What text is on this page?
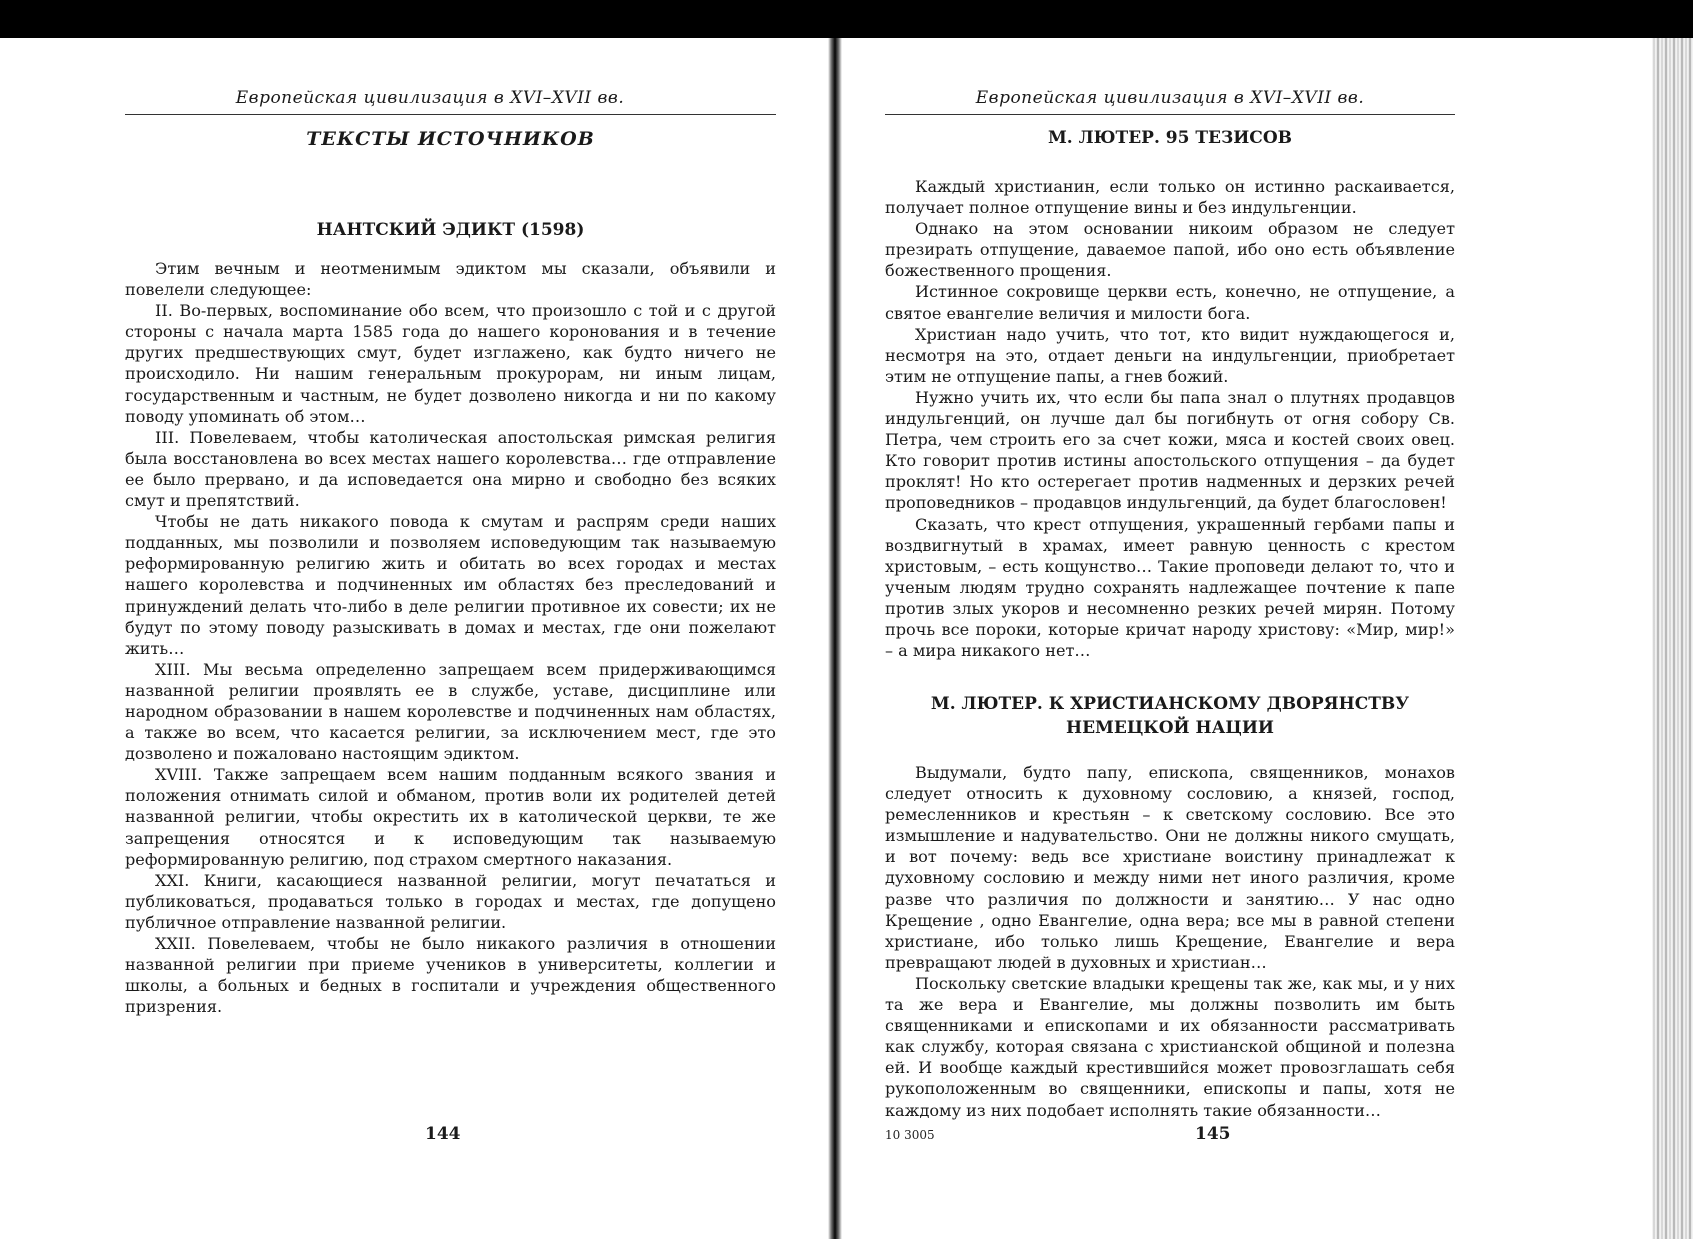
Европейская цивилизация в XVI–XVII вв.
ТЕКСТЫ ИСТОЧНИКОВ
НАНТСКИЙ ЭДИКТ (1598)

Этим вечным и неотменимым эдиктом мы сказали, объявили и повелели следующее:

II. Во-первых, воспоминание обо всем, что произошло с той и с другой стороны с начала марта 1585 года до нашего коронования и в течение других предшествующих смут, будет изглажено, как будто ничего не происходило. Ни нашим генеральным прокурорам, ни иным лицам, государственным и частным, не будет дозволено никогда и ни по какому поводу упоминать об этом…

III. Повелеваем, чтобы католическая апостольская римская религия была восстановлена во всех местах нашего королевства… где отправление ее было прервано, и да исповедается она мирно и свободно без всяких смут и препятствий.

Чтобы не дать никакого повода к смутам и распрям среди наших подданных, мы позволили и позволяем исповедующим так называемую реформированную религию жить и обитать во всех городах и местах нашего королевства и подчиненных им областях без преследований и принуждений делать что-либо в деле религии противное их совести; их не будут по этому поводу разыскивать в домах и местах, где они пожелают жить…

XIII. Мы весьма определенно запрещаем всем придерживающимся названной религии проявлять ее в службе, уставе, дисциплине или народном образовании в нашем королевстве и подчиненных нам областях, а также во всем, что касается религии, за исключением мест, где это дозволено и пожаловано настоящим эдиктом.

XVIII. Также запрещаем всем нашим подданным всякого звания и положения отнимать силой и обманом, против воли их родителей детей названной религии, чтобы окрестить их в католической церкви, те же запрещения относятся и к исповедующим так называемую реформированную религию, под страхом смертного наказания.

XXI. Книги, касающиеся названной религии, могут печататься и публиковаться, продаваться только в городах и местах, где допущено публичное отправление названной религии.

XXII. Повелеваем, чтобы не было никакого различия в отношении названной религии при приеме учеников в университеты, коллегии и школы, а больных и бедных в госпитали и учреждения общественного призрения.

144
Европейская цивилизация в XVI–XVII вв.
М. ЛЮТЕР. 95 ТЕЗИСОВ

Каждый христианин, если только он истинно раскаивается, получает полное отпущение вины и без индульгенции.

Однако на этом основании никоим образом не следует презирать отпущение, даваемое папой, ибо оно есть объявление божественного прощения.

Истинное сокровище церкви есть, конечно, не отпущение, а святое евангелие величия и милости бога.

Христиан надо учить, что тот, кто видит нуждающегося и, несмотря на это, отдает деньги на индульгенции, приобретает этим не отпущение папы, а гнев божий.

Нужно учить их, что если бы папа знал о плутнях продавцов индульгенций, он лучше дал бы погибнуть от огня собору Св. Петра, чем строить его за счет кожи, мяса и костей своих овец. Кто говорит против истины апостольского отпущения – да будет проклят! Но кто остерегает против надменных и дерзких речей проповедников – продавцов индульгенций, да будет благословен!

Сказать, что крест отпущения, украшенный гербами папы и воздвигнутый в храмах, имеет равную ценность с крестом христовым, – есть кощунство… Такие проповеди делают то, что и ученым людям трудно сохранять надлежащее почтение к папе против злых укоров и несомненно резких речей мирян. Потому прочь все пороки, которые кричат народу христову: «Мир, мир!» – а мира никакого нет…

М. ЛЮТЕР. К ХРИСТИАНСКОМУ ДВОРЯНСТВУ
НЕМЕЦКОЙ НАЦИИ

Выдумали, будто папу, епископа, священников, монахов следует относить к духовному сословию, а князей, господ, ремесленников и крестьян – к светскому сословию. Все это измышление и надувательство. Они не должны никого смущать, и вот почему: ведь все христиане воистину принадлежат к духовному сословию и между ними нет иного различия, кроме разве что различия по должности и занятию… У нас одно Крещение , одно Евангелие, одна вера; все мы в равной степени христиане, ибо только лишь Крещение, Евангелие и вера превращают людей в духовных и христиан…

Поскольку светские владыки крещены так же, как мы, и у них та же вера и Евангелие, мы должны позволить им быть священниками и епископами и их обязанности рассматривать как службу, которая связана с христианской общиной и полезна ей. И вообще каждый крестившийся может провозглашать себя рукоположенным во священники, епископы и папы, хотя не каждому из них подобает исполнять такие обязанности…

10 3005	145
